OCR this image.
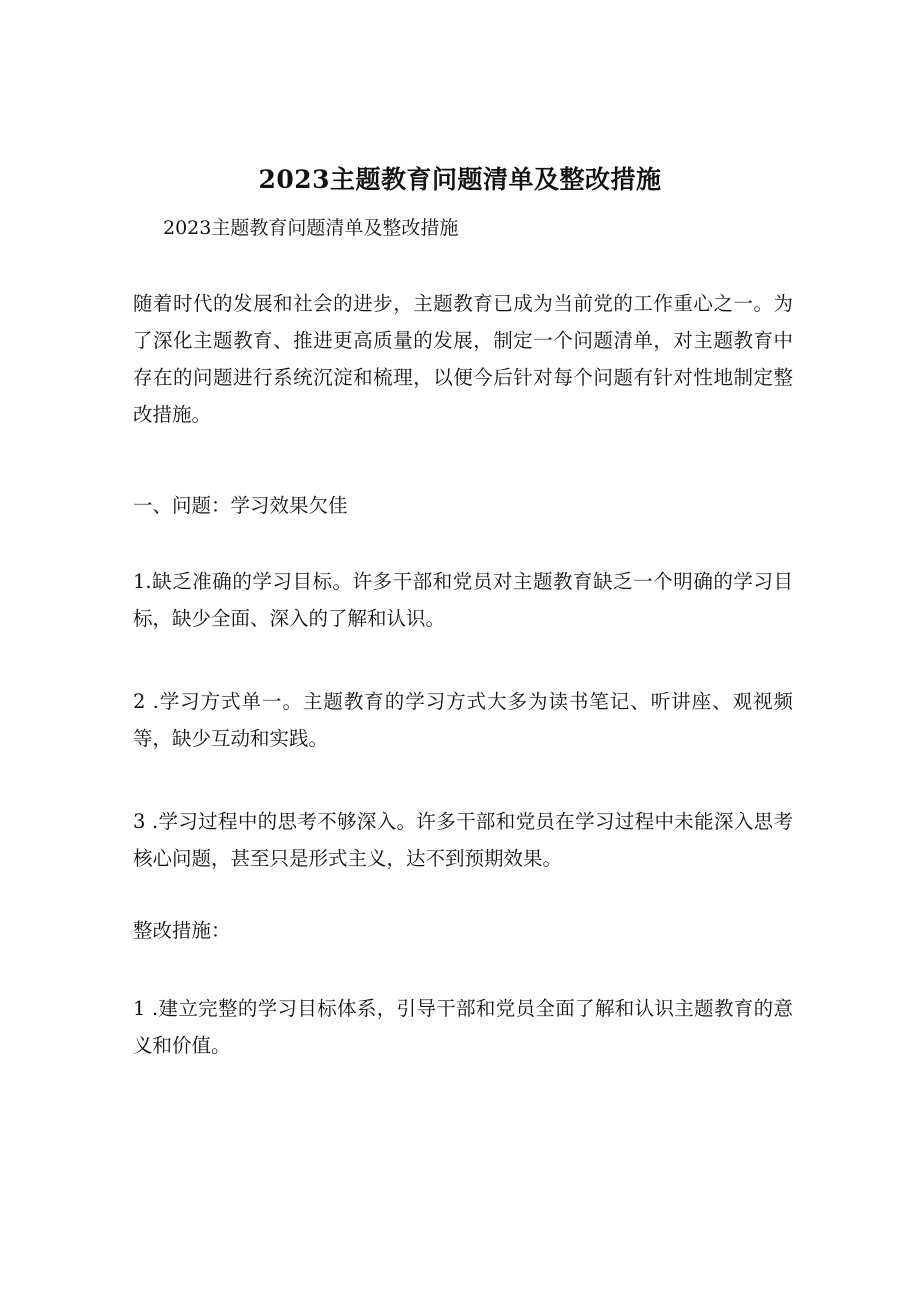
2023主题教育问题清单及整改措施
2023主题教育问题清单及整改措施

随着时代的发展和社会的进步，主题教育已成为当前党的工作重心之一。为了深化主题教育、推进更高质量的发展，制定一个问题清单，对主题教育中存在的问题进行系统沉淀和梳理，以便今后针对每个问题有针对性地制定整改措施。

一、问题：学习效果欠佳

1.缺乏准确的学习目标。许多干部和党员对主题教育缺乏一个明确的学习目标，缺少全面、深入的了解和认识。

2 .学习方式单一。主题教育的学习方式大多为读书笔记、听讲座、观视频等，缺少互动和实践。

3 .学习过程中的思考不够深入。许多干部和党员在学习过程中未能深入思考核心问题，甚至只是形式主义，达不到预期效果。

整改措施：

1 .建立完整的学习目标体系，引导干部和党员全面了解和认识主题教育的意义和价值。
